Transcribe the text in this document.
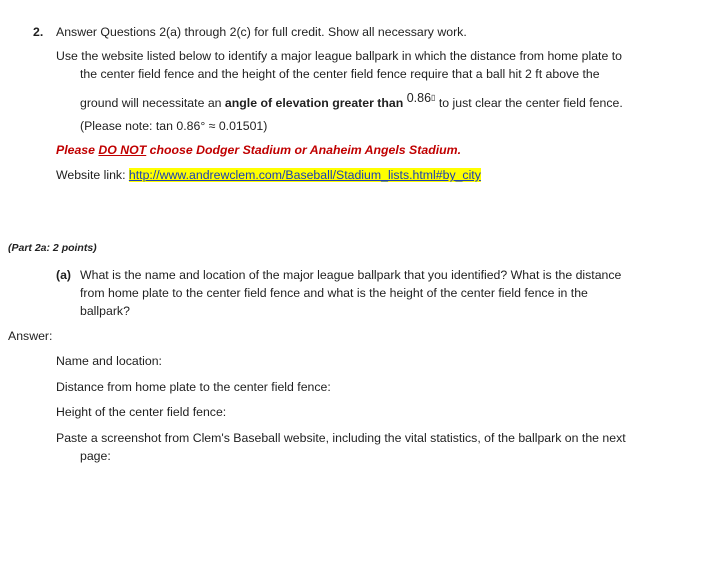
2. Answer Questions 2(a) through 2(c) for full credit. Show all necessary work.
Use the website listed below to identify a major league ballpark in which the distance from home plate to
the center field fence and the height of the center field fence require that a ball hit 2 ft above the
ground will necessitate an angle of elevation greater than 0.86▯ to just clear the center field fence.
(Please note: tan 0.86° ≈ 0.01501)
Please DO NOT choose Dodger Stadium or Anaheim Angels Stadium.
Website link: http://www.andrewclem.com/Baseball/Stadium_lists.html#by_city
(Part 2a: 2 points)
(a) What is the name and location of the major league ballpark that you identified? What is the distance
from home plate to the center field fence and what is the height of the center field fence in the
ballpark?
Answer:
Name and location:
Distance from home plate to the center field fence:
Height of the center field fence:
Paste a screenshot from Clem's Baseball website, including the vital statistics, of the ballpark on the next
page:
